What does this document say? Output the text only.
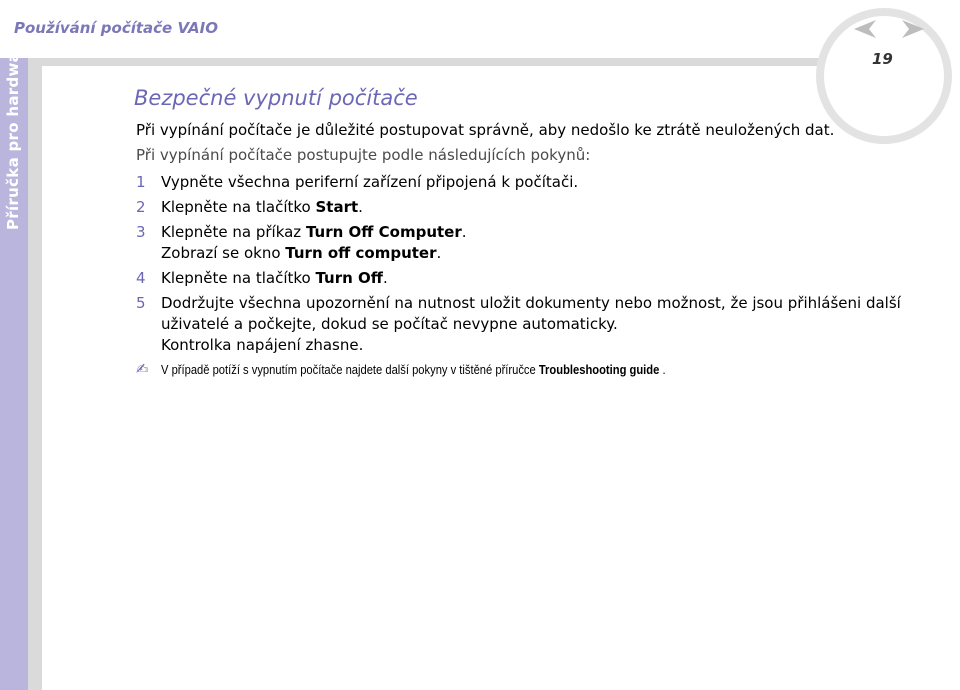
Používání počítače VAIO
Příručka pro hardware	19
Bezpečné vypnutí počítače

Při vypínání počítače je důležité postupovat správně, aby nedošlo ke ztrátě neuložených dat.

Při vypínání počítače postupujte podle následujících pokynů:

1	Vypněte všechna periferní zařízení připojená k počítači.
2	Klepněte na tlačítko Start.
3	Klepněte na příkaz Turn Off Computer.
Zobrazí se okno Turn off computer.
4	Klepněte na tlačítko Turn Off.
5	Dodržujte všechna upozornění na nutnost uložit dokumenty nebo možnost, že jsou přihlášeni další
uživatelé a počkejte, dokud se počítač nevypne automaticky.
Kontrolka napájení zhasne.
✍ V případě potíží s vypnutím počítače najdete další pokyny v tištěné příručce Troubleshooting guide .
